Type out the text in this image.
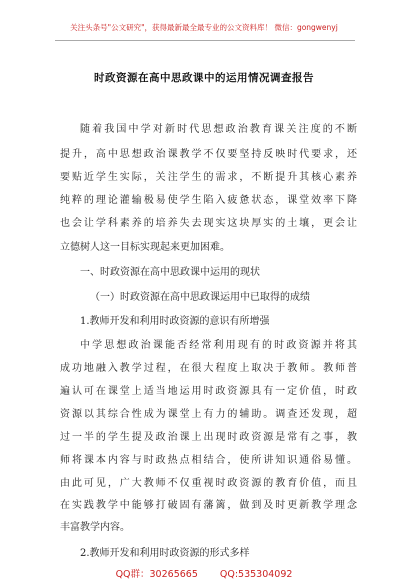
关注头条号"公文研究"，获得最新最全最专业的公文资料库！ 微信：gongwenyj
时政资源在高中思政课中的运用情况调查报告
随着我国中学对新时代思想政治教育课关注度的不断
提升，高中思想政治课教学不仅要坚持反映时代要求，还
要贴近学生实际，关注学生的需求，不断提升其核心素养
纯粹的理论灌输极易使学生陷入疲惫状态，课堂效率下降
也会让学科素养的培养失去现实这块厚实的土壤，更会让
立德树人这一目标实现起来更加困难。
一、时政资源在高中思政课中运用的现状
（一）时政资源在高中思政课运用中已取得的成绩
1.教师开发和利用时政资源的意识有所增强
中学思想政治课能否经常利用现有的时政资源并将其
成功地融入教学过程，在很大程度上取决于教师。教师普
遍认可在课堂上适当地运用时政资源具有一定价值，时政
资源以其综合性成为课堂上有力的辅助。调查还发现，超
过一半的学生提及政治课上出现时政资源是常有之事，教
师将课本内容与时政热点相结合，使所讲知识通俗易懂。
由此可见，广大教师不仅重视时政资源的教育价值，而且
在实践教学中能够打破固有藩篱，做到及时更新教学理念
丰富教学内容。
QQ群：30265665 QQ:535304092
2.教师开发和利用时政资源的形式多样
